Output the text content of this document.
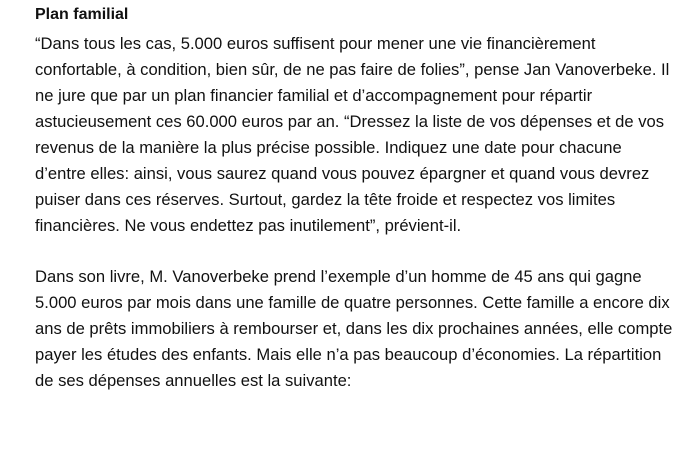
Plan familial

“Dans tous les cas, 5.000 euros suffisent pour mener une vie financièrement confortable, à condition, bien sûr, de ne pas faire de folies”, pense Jan Vanoverbeke. Il ne jure que par un plan financier familial et d’accompagnement pour répartir astucieusement ces 60.000 euros par an. “Dressez la liste de vos dépenses et de vos revenus de la manière la plus précise possible. Indiquez une date pour chacune d’entre elles: ainsi, vous saurez quand vous pouvez épargner et quand vous devrez puiser dans ces réserves. Surtout, gardez la tête froide et respectez vos limites financières. Ne vous endettez pas inutilement”, prévient-il.

Dans son livre, M. Vanoverbeke prend l’exemple d’un homme de 45 ans qui gagne 5.000 euros par mois dans une famille de quatre personnes. Cette famille a encore dix ans de prêts immobiliers à rembourser et, dans les dix prochaines années, elle compte payer les études des enfants. Mais elle n’a pas beaucoup d’économies. La répartition de ses dépenses annuelles est la suivante:
